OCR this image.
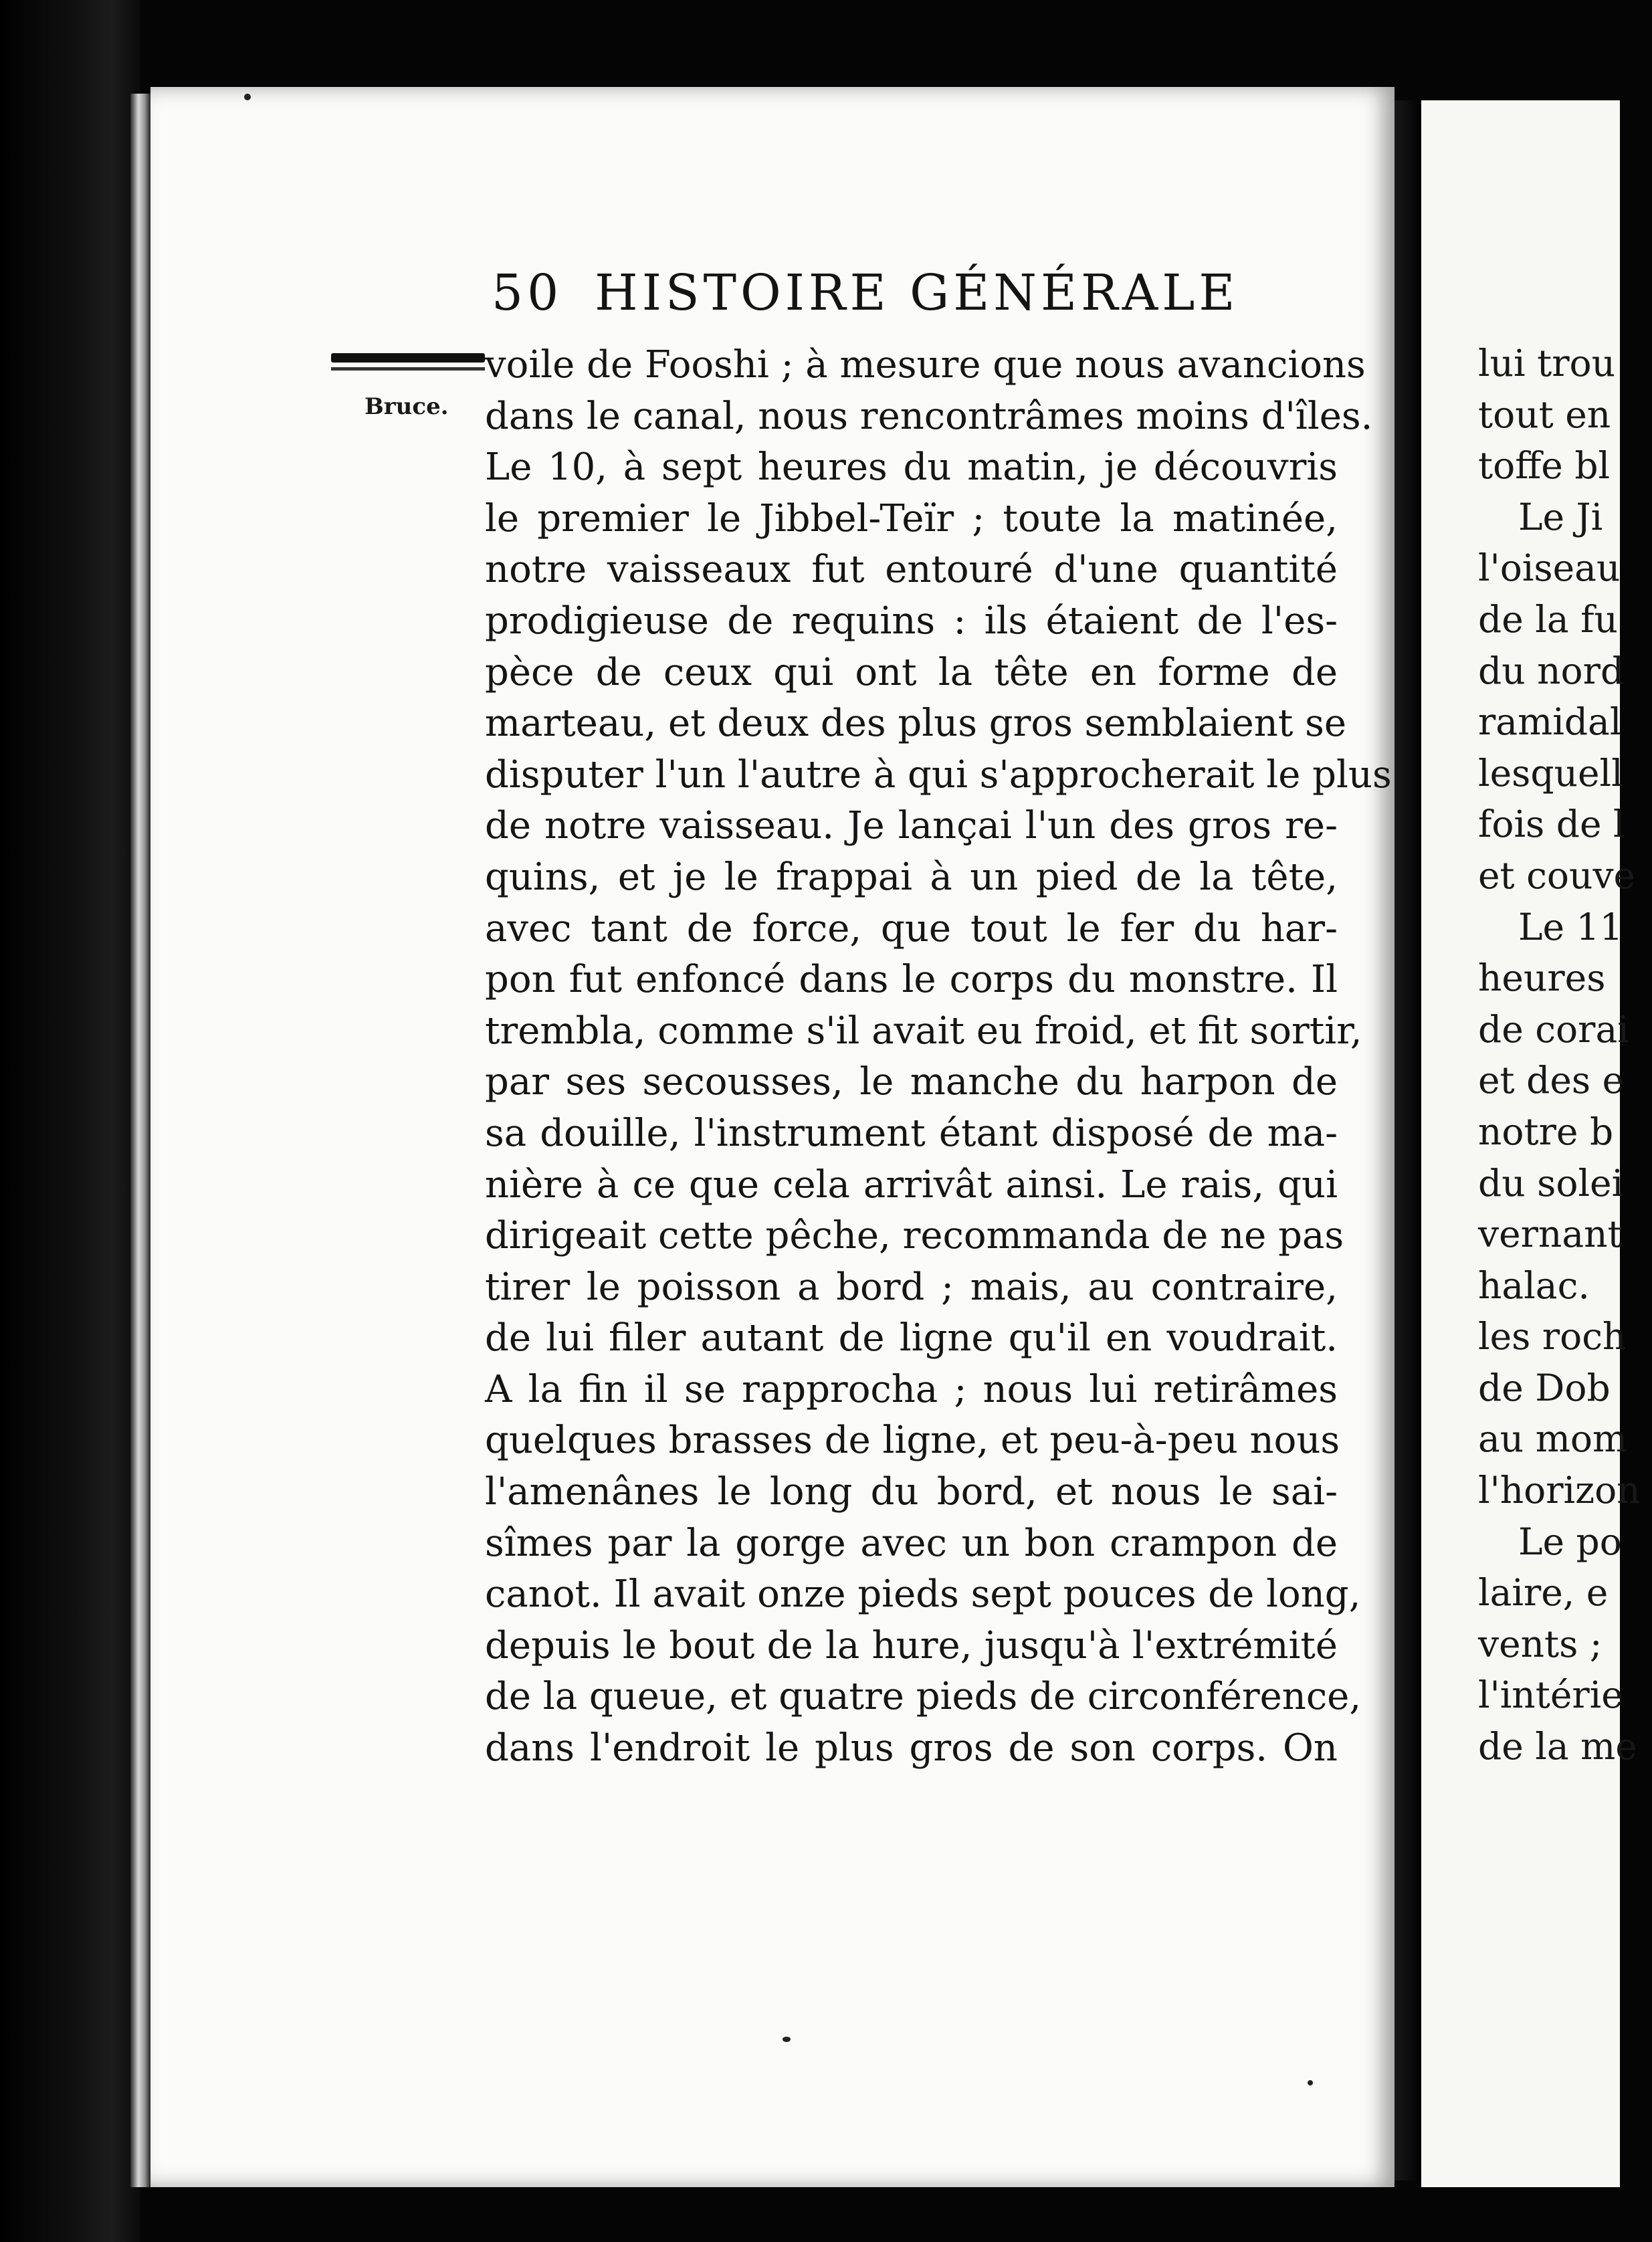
50 HISTOIRE GÉNÉRALE
Bruce.
voile de Fooshi ; à mesure que nous avancions
dans le canal, nous rencontrâmes moins d'îles.
Le 10, à sept heures du matin, je découvris
le premier le Jibbel-Teïr ; toute la matinée,
notre vaisseaux fut entouré d'une quantité
prodigieuse de requins : ils étaient de l'es-
pèce de ceux qui ont la tête en forme de
marteau, et deux des plus gros semblaient se
disputer l'un l'autre à qui s'approcherait le plus
de notre vaisseau. Je lançai l'un des gros re-
quins, et je le frappai à un pied de la tête,
avec tant de force, que tout le fer du har-
pon fut enfoncé dans le corps du monstre. Il
trembla, comme s'il avait eu froid, et fit sortir,
par ses secousses, le manche du harpon de
sa douille, l'instrument étant disposé de ma-
nière à ce que cela arrivât ainsi. Le rais, qui
dirigeait cette pêche, recommanda de ne pas
tirer le poisson a bord ; mais, au contraire,
de lui filer autant de ligne qu'il en voudrait.
A la fin il se rapprocha ; nous lui retirâmes
quelques brasses de ligne, et peu-à-peu nous
l'amenânes le long du bord, et nous le sai-
sîmes par la gorge avec un bon crampon de
canot. Il avait onze pieds sept pouces de long,
depuis le bout de la hure, jusqu'à l'extrémité
de la queue, et quatre pieds de circonférence,
dans l'endroit le plus gros de son corps. On
lui trou
tout en
toffe bl
Le Ji
l'oiseau
de la fu
du nord
ramidal
lesquell
fois de l
et couve
Le 11
heures
de corai
et des e
notre b
du solei
vernant
halac.
les roch
de Dob
au mom
l'horizon
Le po
laire, e
vents ;
l'intérie
de la me
